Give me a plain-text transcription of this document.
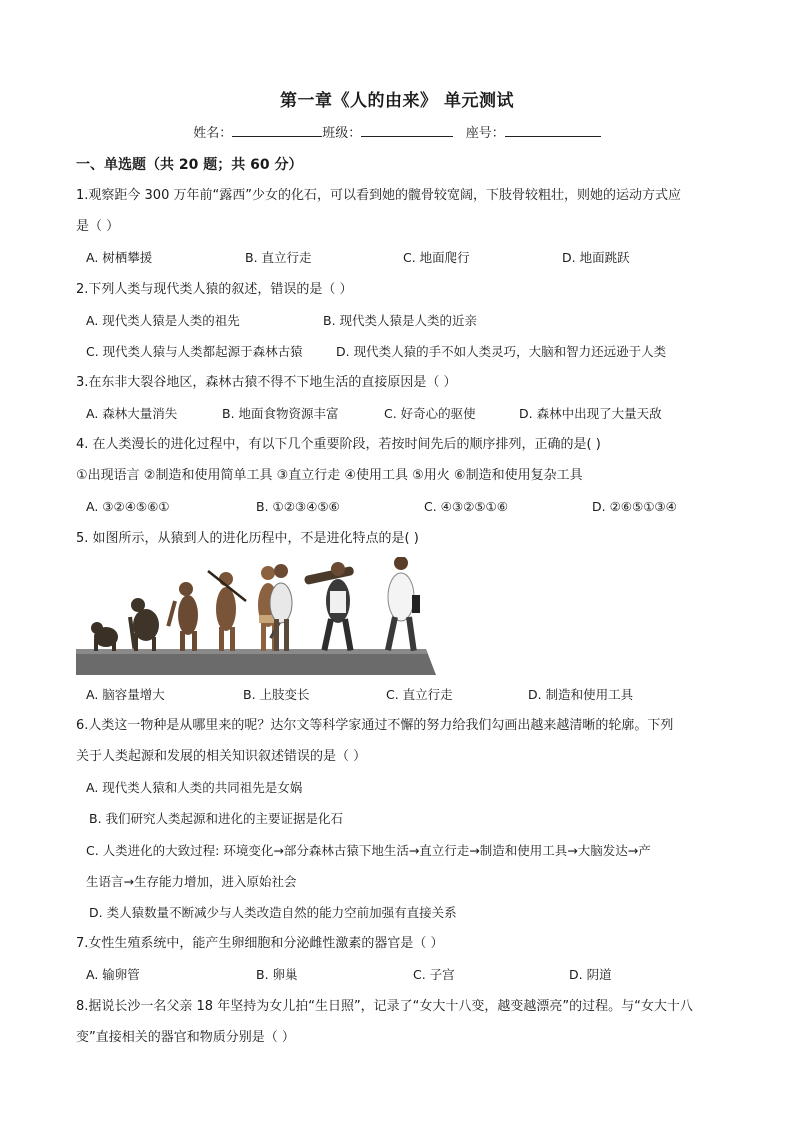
第一章《人的由来》 单元测试
姓名：	班级：	座号：
一、单选题（共 20 题；共 60 分）
1.观察距今 300 万年前“露西”少女的化石，可以看到她的髋骨较宽阔，下肢骨较粗壮，则她的运动方式应
是（ ）
A. 树栖攀援	B. 直立行走	C. 地面爬行	D. 地面跳跃
2.下列人类与现代类人猿的叙述，错误的是（ ）
A. 现代类人猿是人类的祖先	B. 现代类人猿是人类的近亲
C. 现代类人猿与人类都起源于森林古猿	D. 现代类人猿的手不如人类灵巧，大脑和智力还远逊于人类
3.在东非大裂谷地区，森林古猿不得不下地生活的直接原因是（ ）
A. 森林大量消失	B. 地面食物资源丰富	C. 好奇心的驱使	D. 森林中出现了大量天敌
4. 在人类漫长的进化过程中，有以下几个重要阶段，若按时间先后的顺序排列，正确的是( )
①出现语言 ②制造和使用简单工具 ③直立行走 ④使用工具 ⑤用火 ⑥制造和使用复杂工具
A. ③②④⑤⑥①	B. ①②③④⑤⑥	C. ④③②⑤①⑥	D. ②⑥⑤①③④
5. 如图所示，从猿到人的进化历程中，不是进化特点的是( )
A. 脑容量增大	B. 上肢变长	C. 直立行走	D. 制造和使用工具
6.人类这一物种是从哪里来的呢？达尔文等科学家通过不懈的努力给我们勾画出越来越清晰的轮廓。下列
关于人类起源和发展的相关知识叙述错误的是（ ）
A. 现代类人猿和人类的共同祖先是女娲
B. 我们研究人类起源和进化的主要证据是化石
C. 人类进化的大致过程: 环境变化→部分森林古猿下地生活→直立行走→制造和使用工具→大脑发达→产
生语言→生存能力增加，进入原始社会
D. 类人猿数量不断减少与人类改造自然的能力空前加强有直接关系
7.女性生殖系统中，能产生卵细胞和分泌雌性激素的器官是（ ）
A. 输卵管	B. 卵巢	C. 子宫	D. 阴道
8.据说长沙一名父亲 18 年坚持为女儿拍“生日照”，记录了“女大十八变，越变越漂亮”的过程。与“女大十八
变”直接相关的器官和物质分别是（ ）
